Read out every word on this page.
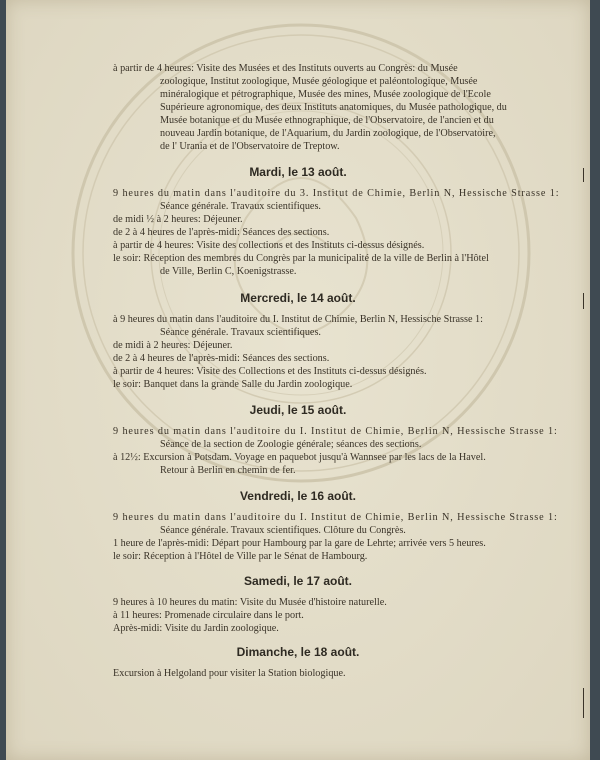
à partir de 4 heures: Visite des Musées et des Instituts ouverts au Congrès: du Musée
zoologique, Institut zoologique, Musée géologique et paléontologique, Musée
minéralogique et pétrographique, Musée des mines, Musée zoologique de l'Ecole
Supérieure agronomique, des deux Instituts anatomiques, du Musée pathologique, du
Musée botanique et du Musée ethnographique, de l'Observatoire, de l'ancien et du
nouveau Jardin botanique, de l'Aquarium, du Jardin zoologique, de l'Observatoire,
de l' Urania et de l'Observatoire de Treptow.
Mardi, le 13 août.
9 heures du matin dans l'auditoire du 3. Institut de Chimie, Berlin N, Hessische Strasse 1:
Séance générale. Travaux scientifiques.
de midi ½ à 2 heures: Déjeuner.
de 2 à 4 heures de l'après-midi: Séances des sections.
à partir de 4 heures: Visite des collections et des Instituts ci-dessus désignés.
le soir: Réception des membres du Congrès par la municipalité de la ville de Berlin à l'Hôtel
de Ville, Berlin C, Koenigstrasse.
Mercredi, le 14 août.
à 9 heures du matin dans l'auditoire du I. Institut de Chimie, Berlin N, Hessische Strasse 1:
Séance générale. Travaux scientifiques.
de midi à 2 heures: Déjeuner.
de 2 à 4 heures de l'après-midi: Séances des sections.
à partir de 4 heures: Visite des Collections et des Instituts ci-dessus désignés.
le soir: Banquet dans la grande Salle du Jardin zoologique.
Jeudi, le 15 août.
9 heures du matin dans l'auditoire du I. Institut de Chimie, Berlin N, Hessische Strasse 1:
Séance de la section de Zoologie générale; séances des sections.
à 12½: Excursion à Potsdam. Voyage en paquebot jusqu'à Wannsee par les lacs de la Havel.
Retour à Berlin en chemin de fer.
Vendredi, le 16 août.
9 heures du matin dans l'auditoire du I. Institut de Chimie, Berlin N, Hessische Strasse 1:
Séance générale. Travaux scientifiques. Clôture du Congrès.
1 heure de l'après-midi: Départ pour Hambourg par la gare de Lehrte; arrivée vers 5 heures.
le soir: Réception à l'Hôtel de Ville par le Sénat de Hambourg.
Samedi, le 17 août.
9 heures à 10 heures du matin: Visite du Musée d'histoire naturelle.
à 11 heures: Promenade circulaire dans le port.
Après-midi: Visite du Jardin zoologique.
Dimanche, le 18 août.
Excursion à Helgoland pour visiter la Station biologique.
